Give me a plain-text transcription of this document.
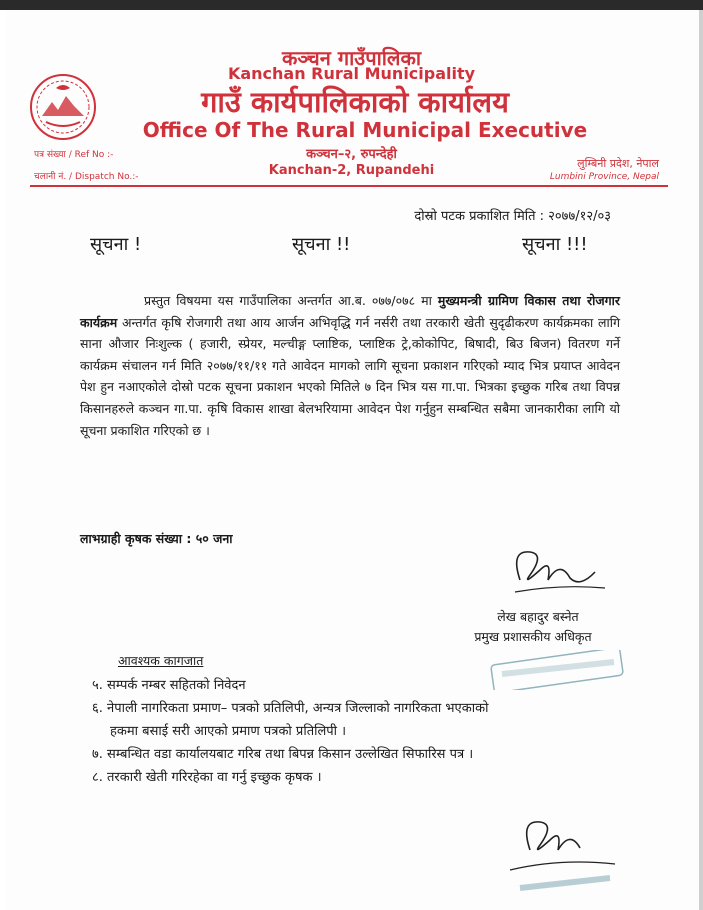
कञ्चन गाउँपालिका
Kanchan Rural Municipality
गाउँ कार्यपालिकाको कार्यालय
Office Of The Rural Municipal Executive
कञ्चन–२, रुपन्देही
Kanchan-2, Rupandehi
पत्र संख्या / Ref No :-
चलानी नं. / Dispatch No.:-
लुम्बिनी प्रदेश, नेपाल
Lumbini Province, Nepal
दोस्रो पटक प्रकाशित मिति : २०७७/१२/०३
सूचना !	सूचना !!	सूचना !!!
प्रस्तुत विषयमा यस गाउँपालिका अन्तर्गत आ.ब. ०७७/०७८ मा मुख्यमन्त्री ग्रामिण विकास तथा रोजगार कार्यक्रम अन्तर्गत कृषि रोजगारी तथा आय आर्जन अभिवृद्धि गर्न नर्सरी तथा तरकारी खेती सुदृढीकरण कार्यक्रमका लागि साना औजार निःशुल्क ( हजारी, स्प्रेयर, मल्चीङ्ग प्लाष्टिक, प्लाष्टिक ट्रे,कोकोपिट, बिषादी, बिउ बिजन) वितरण गर्ने कार्यक्रम संचालन गर्न मिति २०७७/११/११ गते आवेदन मागको लागि सूचना प्रकाशन गरिएको म्याद भित्र प्रयाप्त आवेदन पेश हुन नआएकोले दोस्रो पटक सूचना प्रकाशन भएको मितिले ७ दिन भित्र यस गा.पा. भित्रका इच्छुक गरिब तथा विपन्न किसानहरुले कञ्चन गा.पा. कृषि विकास शाखा बेलभरियामा आवेदन पेश गर्नुहुन सम्बन्धित सबैमा जानकारीका लागि यो सूचना प्रकाशित गरिएको छ ।
लाभग्राही कृषक संख्या : ५० जना
लेख बहादुर बस्नेत
प्रमुख प्रशासकीय अधिकृत
आवश्यक कागजात
५. सम्पर्क नम्बर सहितको निवेदन
६. नेपाली नागरिकता प्रमाण– पत्रको प्रतिलिपी, अन्यत्र जिल्लाको नागरिकता भएकाको
हकमा बसाई सरी आएको प्रमाण पत्रको प्रतिलिपी ।
७. सम्बन्धित वडा कार्यालयबाट गरिब तथा बिपन्न किसान उल्लेखित सिफारिस पत्र ।
८. तरकारी खेती गरिरहेका वा गर्नु इच्छुक कृषक ।
